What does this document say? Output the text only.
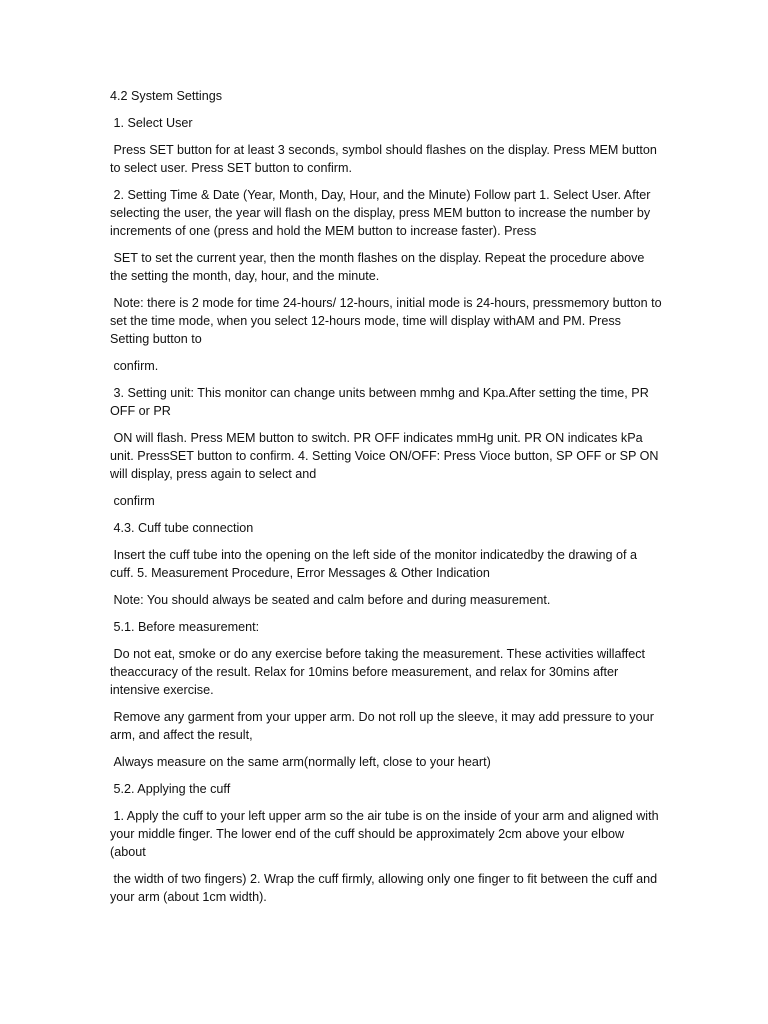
4.2 System Settings

1. Select User

Press SET button for at least 3 seconds, symbol should flashes on the display. Press MEM button to select user. Press SET button to confirm.

2. Setting Time & Date (Year, Month, Day, Hour, and the Minute) Follow part 1. Select User. After selecting the user, the year will flash on the display, press MEM button to increase the number by increments of one (press and hold the MEM button to increase faster). Press

SET to set the current year, then the month flashes on the display. Repeat the procedure above the setting the month, day, hour, and the minute.

Note: there is 2 mode for time 24-hours/ 12-hours, initial mode is 24-hours, pressmemory button to set the time mode, when you select 12-hours mode, time will display withAM and PM. Press Setting button to

confirm.

3. Setting unit: This monitor can change units between mmhg and Kpa.After setting the time, PR OFF or PR

ON will flash. Press MEM button to switch. PR OFF indicates mmHg unit. PR ON indicates kPa unit. PressSET button to confirm. 4. Setting Voice ON/OFF: Press Vioce button, SP OFF or SP ON will display, press again to select and

confirm

4.3. Cuff tube connection

Insert the cuff tube into the opening on the left side of the monitor indicatedby the drawing of a cuff. 5. Measurement Procedure, Error Messages & Other Indication

Note: You should always be seated and calm before and during measurement.

5.1. Before measurement:

Do not eat, smoke or do any exercise before taking the measurement. These activities willaffect theaccuracy of the result. Relax for 10mins before measurement, and relax for 30mins after intensive exercise.

Remove any garment from your upper arm. Do not roll up the sleeve, it may add pressure to your arm, and affect the result,

Always measure on the same arm(normally left, close to your heart)

5.2. Applying the cuff

1. Apply the cuff to your left upper arm so the air tube is on the inside of your arm and aligned with your middle finger. The lower end of the cuff should be approximately 2cm above your elbow (about

the width of two fingers) 2. Wrap the cuff firmly, allowing only one finger to fit between the cuff and your arm (about 1cm width).
